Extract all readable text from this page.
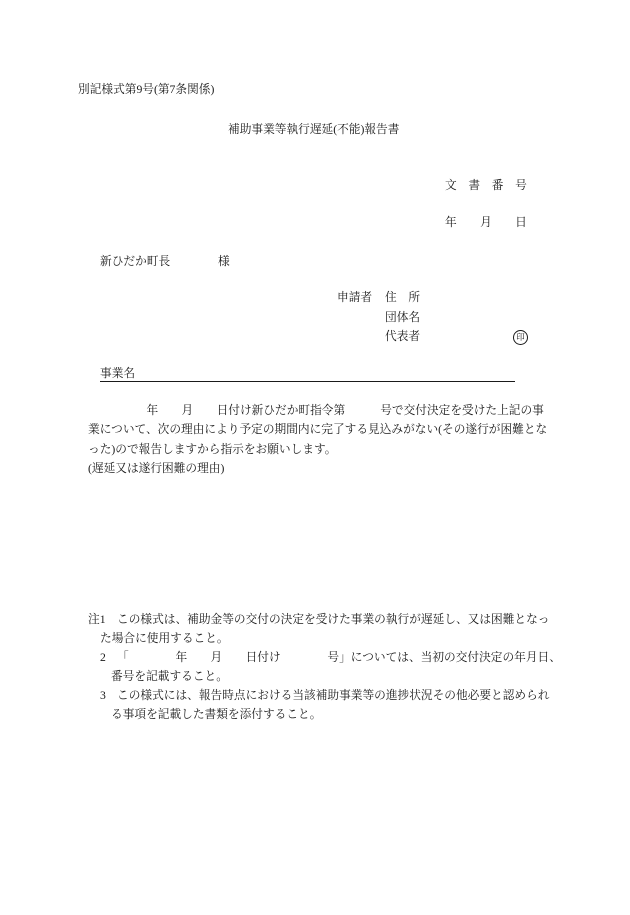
別記様式第9号(第7条関係)
補助事業等執行遅延(不能)報告書
文　書　番　号
年　　月　　日
新ひだか町長	様
申請者 住　所
団体名
代表者	印
事業名
　　　　　年　　月　　日付け新ひだか町指令第　　　号で交付決定を受けた上記の事
業について、次の理由により予定の期間内に完了する見込みがない(その遂行が困難とな
った)ので報告しますから指示をお願いします。
(遅延又は遂行困難の理由)
注1 この様式は、補助金等の交付の決定を受けた事業の執行が遅延し、又は困難となっ
た場合に使用すること。
2 「　　　　年　　月　　日付け　　　　号」については、当初の交付決定の年月日、
番号を記載すること。
3 この様式には、報告時点における当該補助事業等の進捗状況その他必要と認められ
る事項を記載した書類を添付すること。
